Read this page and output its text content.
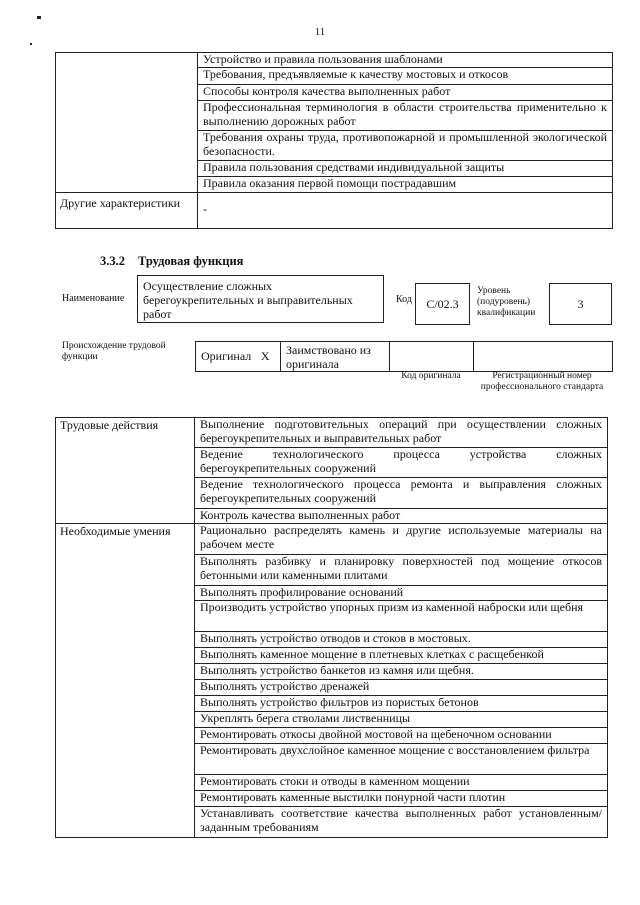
11
	Устройство и правила пользования шаблонами
	Требования, предъявляемые к качеству мостовых и откосов
	Способы контроля качества выполненных работ
	Профессиональная терминология в области строительства применительно к выполнению дорожных работ
	Требования охраны труда, противопожарной и промышленной экологической безопасности.
	Правила пользования средствами индивидуальной защиты
	Правила оказания первой помощи пострадавшим
Другие характеристики	-
3.3.2 Трудовая функция
Наименование
Осуществление сложных берегоукрепительных и выправительных работ
Код	C/02.3
Уровень (подуровень) квалификации
3
Происхождение трудовой функции	Оригинал	X	Заимствовано из оригинала		
Код оригинала	Регистрационный номер профессионального стандарта
Трудовые действия	Выполнение подготовительных операций при осуществлении сложных берегоукрепительных и выправительных работ
	Ведение технологического процесса устройства сложных берегоукрепительных сооружений
	Ведение технологического процесса ремонта и выправления сложных берегоукрепительных сооружений
	Контроль качества выполненных работ
Необходимые умения	Рационально распределять камень и другие используемые материалы на рабочем месте
	Выполнять разбивку и планировку поверхностей под мощение откосов бетонными или каменными плитами
	Выполнять профилирование оснований
	Производить устройство упорных призм из каменной наброски или щебня
	Выполнять устройство отводов и стоков в мостовых.
	Выполнять каменное мощение в плетневых клетках с расщебенкой
	Выполнять устройство банкетов из камня или щебня.
	Выполнять устройство дренажей
	Выполнять устройство фильтров из пористых бетонов
	Укреплять берега стволами лиственницы
	Ремонтировать откосы двойной мостовой на щебеночном основании
	Ремонтировать двухслойное каменное мощение с восстановлением фильтра
	Ремонтировать стоки и отводы в каменном мощении
	Ремонтировать каменные выстилки понурной части плотин
	Устанавливать соответствие качества выполненных работ установленным/ заданным требованиям
